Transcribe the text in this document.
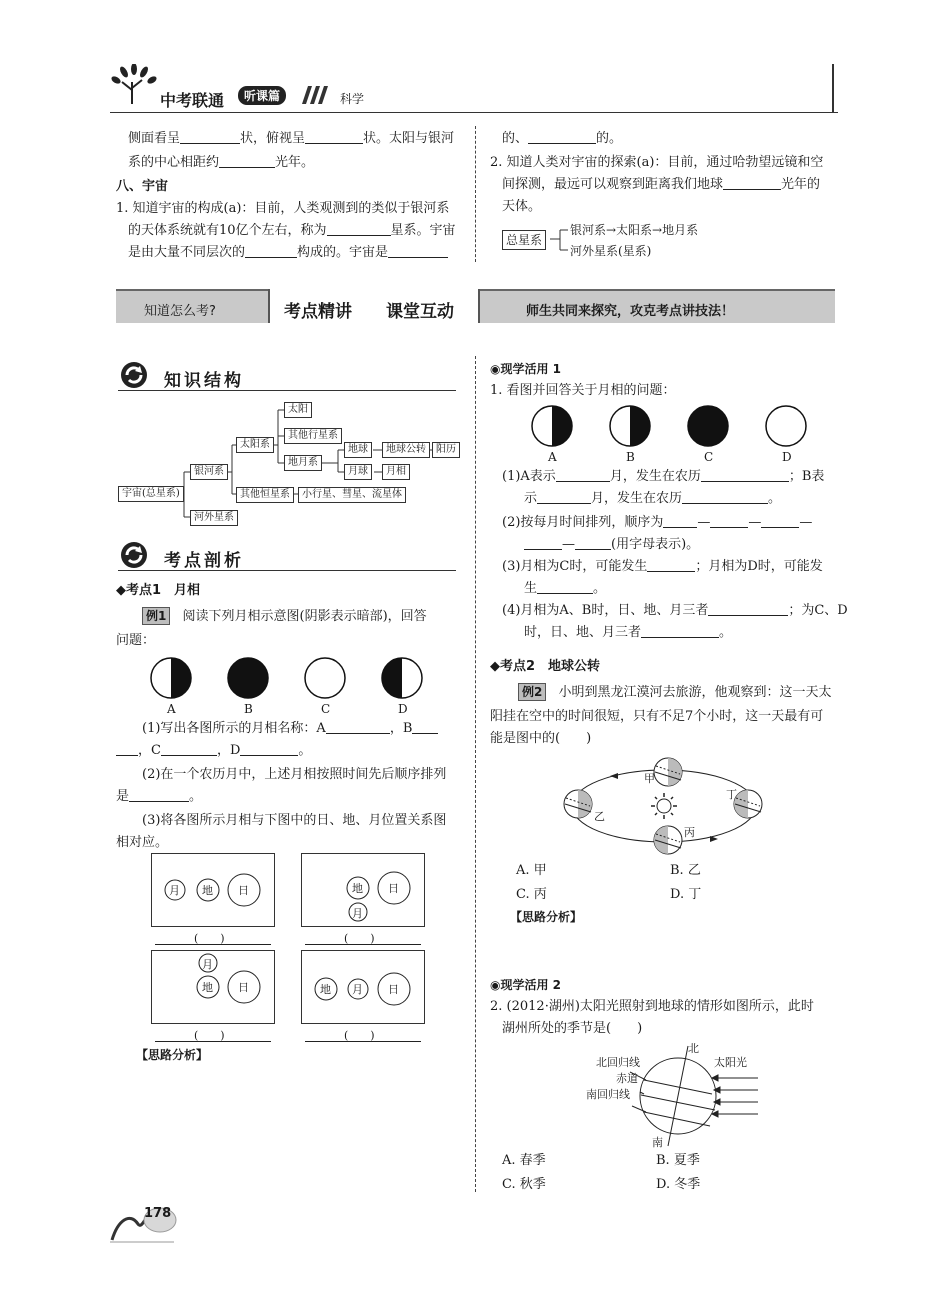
中考联通	听课篇	科学
侧面看呈	状，俯视呈	状。太阳与银河
系的中心相距约	光年。
八、宇宙
1. 知道宇宙的构成(a)：目前，人类观测到的类似于银河系
的天体系统就有10亿个左右，称为	星系。宇宙
是由大量不同层次的	构成的。宇宙是
的、	的。
2. 知道人类对宇宙的探索(a)：目前，通过哈勃望远镜和空
间探测，最远可以观察到距离我们地球	光年的
天体。
总星系
银河系→太阳系→地月系
河外星系(星系)
知道怎么考?	考点精讲 课堂互动	师生共同来探究，攻克考点讲技法！
知识结构
宇宙(总星系)
银河系
河外星系
太阳系
其他恒星系
太阳
其他行星系
地月系
小行星、彗星、流星体
地球	地球公转	阳历
月球	月相
考点剖析
◆考点1　月相
例1 阅读下列月相示意图(阴影表示暗部)，回答
问题：
A	B	C	D
(1)写出各图所示的月相名称：A	，B
，C	，D	。
(2)在一个农历月中，上述月相按照时间先后顺序排列
是	。
(3)将各图所示月相与下图中的日、地、月位置关系图
相对应。
月 地 日
(　　)
月
地 日
(　　)
月
地 日
(　　)
地 月 日
(　　)
【思路分析】
◉现学活用 1
1. 看图并回答关于月相的问题：
A	B	C	D
(1)A表示	月，发生在农历	；B表
示	月，发生在农历	。
(2)按每月时间排列，顺序为	—	—	—
—	(用字母表示)。
(3)月相为C时，可能发生	；月相为D时，可能发
生	。
(4)月相为A、B时，日、地、月三者	；为C、D
时，日、地、月三者	。
◆考点2　地球公转
例2 小明到黑龙江漠河去旅游，他观察到：这一天太
阳挂在空中的时间很短，只有不足7个小时，这一天最有可
能是图中的(　　)
甲
乙
丙
丁
A. 甲	B. 乙
C. 丙	D. 丁
【思路分析】
◉现学活用 2
2. (2012·湖州)太阳光照射到地球的情形如图所示，此时
湖州所处的季节是(　　)
北
南
北回归线
赤道
南回归线
太阳光
A. 春季	B. 夏季
C. 秋季	D. 冬季
178
